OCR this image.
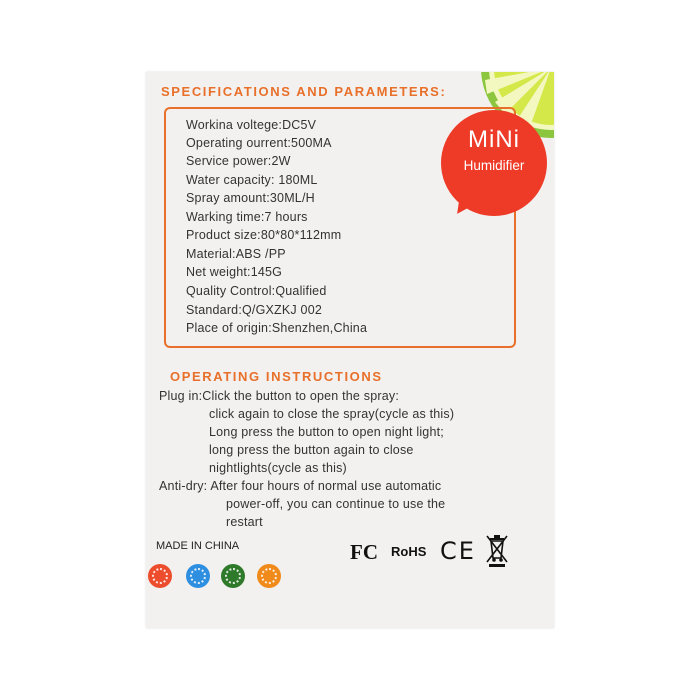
SPECIFICATIONS AND PARAMETERS:
Workina voltege:DC5V
Operating ourrent:500MA
Service power:2W
Water capacity: 180ML
Spray amount:30ML/H
Warking time:7 hours
Product size:80*80*112mm
Material:ABS /PP
Net weight:145G
Quality Control:Qualified
Standard:Q/GXZKJ 002
Place of origin:Shenzhen,China
MiNi
Humidifier
OPERATING INSTRUCTIONS
Plug in:Click the button to open the spray:
click again to close the spray(cycle as this)
Long press the button to open night light;
long press the button again to close
nightlights(cycle as this)
Anti-dry: After four hours of normal use automatic
power-off, you can continue to use the
restart
MADE IN CHINA	FC RoHS CE
